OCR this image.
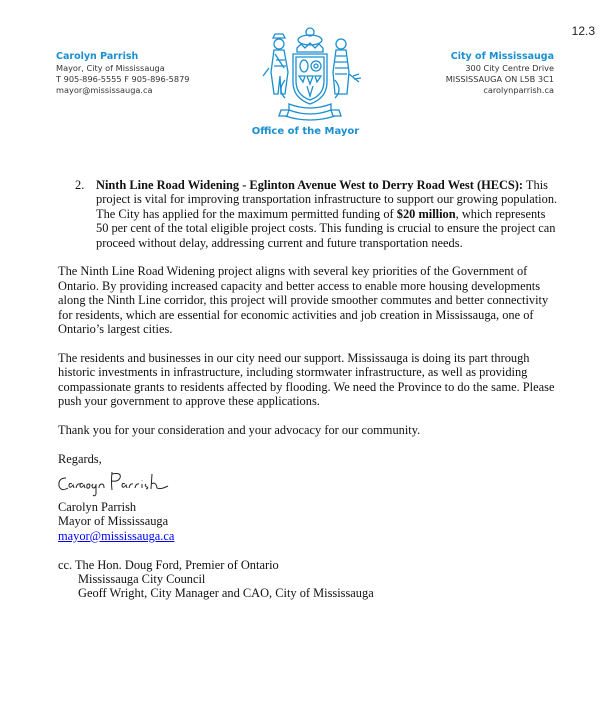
12.3
Carolyn Parrish
Mayor, City of Mississauga
T 905-896-5555 F 905-896-5879
mayor@mississauga.ca
Office of the Mayor
City of Mississauga
300 City Centre Drive
MISSISSAUGA ON L5B 3C1
carolynparrish.ca
2. Ninth Line Road Widening - Eglinton Avenue West to Derry Road West (HECS): This project is vital for improving transportation infrastructure to support our growing population. The City has applied for the maximum permitted funding of $20 million, which represents 50 per cent of the total eligible project costs. This funding is crucial to ensure the project can proceed without delay, addressing current and future transportation needs.

The Ninth Line Road Widening project aligns with several key priorities of the Government of Ontario. By providing increased capacity and better access to enable more housing developments along the Ninth Line corridor, this project will provide smoother commutes and better connectivity for residents, which are essential for economic activities and job creation in Mississauga, one of Ontario’s largest cities.

The residents and businesses in our city need our support. Mississauga is doing its part through historic investments in infrastructure, including stormwater infrastructure, as well as providing compassionate grants to residents affected by flooding. We need the Province to do the same. Please push your government to approve these applications.

Thank you for your consideration and your advocacy for our community.

Regards,
Carolyn Parrish
Mayor of Mississauga
mayor@mississauga.ca
cc. The Hon. Doug Ford, Premier of Ontario
Mississauga City Council
Geoff Wright, City Manager and CAO, City of Mississauga
